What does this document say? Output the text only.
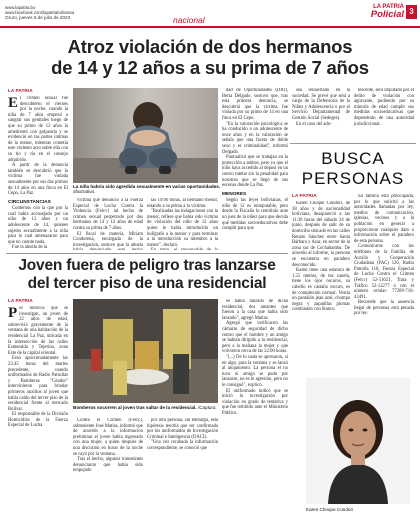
www.lapatria.bo
www.facebook.com/lapatriaboliviana
Oruro, jueves 6 de julio de 2023	nacional
LA PATRIA
Policial 3
Atroz violación de dos hermanos
de 14 y 12 años a su prima de 7 años
LA PATRIA

El crimen sexual fue descubierto el viernes por la noche, cuando la niña de 7 años empezó a sangrar sus genitales luego de que su primo de 12 años la amedrentó con golpearla y se evidenció en las partes íntimas de la menor, mientras cometía este violento acto sobre ella con su tío y tía en el consejo adquirido.

A partir de la denuncia también se descubrió que la víctima fue violada sexualmente por sus dos primos de 14 años en una finca en El Cepo, La Paz.

CIRCUNSTANCIAS

Contemos con la que por la cual había aconsejado por un niño de 12 años y un adolescente de 14, quienes sujetos sexualmente a la niña para lo cual amenazaron para que no cuente nada.

Fue la abuela de la

La niña habría sido agredida sexualmente en varias oportunidades. /Ilustrativa.

víctima que denunció a la Fuerza Especial de Lucha Contra la Violencia (Felcv) tal hecho de crimen sexual perpetrado por dos hermanos de 14 y 12 años de edad contra su prima de 7 años.

El fiscal de materia, Miriam Condorena, encargada de la investigación, sostuvo que la abuela

las 19:00 horas, al hermano menor, estando a su prima a la víctima.

"Realizadas las indagaciones con la menor, refiere que había sido víctima de violación del niño de 12 años quien le había introducido un bolígrafo a la menor y para terminar a la introducción su miembro a la menor", declaró.

dad de Oportunidades (DIO), Berta Delgado, sostuvo que, tras esta primera denuncia, se descubrió que la víctima fue violada por su primo de 14 en una finca en El Cepo.

"En la valoración psicológica se ha conducido a un adolescente de once años y en la valoración se señala que una faceta de doble sexo y es criminalidad", informó Delgado.

Puntualizó que se trabajan en la protección a ambos, pero ya que el niño haya accedido al deposi en un centro tutelar sin la penalidad para nosotros que se llegó de sus escenas donde La Paz.

MENORES

Según las leyes bolivianas, el niño de 12 es inimputable, pero desde la Fiscalía lo remitirán ante un juez de la niñez para que decida qué medidas socioeducativas debe cumplir para que

sea reinsertado en la sociedad. Se prevé que será a cargo de la Defensoría de la Niñez y Adolescencia o por el Servicio Departamental de Gestión Social (Sedeges).

En el caso del ado-

lescente, será imputado por el delito de violación con agravante, pudiendo por su minoría de edad cumplir sus medidas socioeducativas que dependerán de una autoridad jurisdiccional.

BUSCA
PERSONAS
LA PATRIA

Karen Choque Condori, de 38 años y de nacionalidad boliviana, desapareció a las 11:30 horas del sábado 24 de junio, después de salir de su domicilio ubicado en las calles Renato Sánchez entre Santa Bárbara y Azar, en sector de la zona sur de Cochabamba. De acuerdo al informe, la persona se encuentra en paradero desconocido.

Karen tiene una estatura de 1.55 metros, de tez canela, tiene los ojos oscuros, su cabello es castaño oscuro, es de complexión normal. Vestía un pantalón jean azul, chompa negra y zapatillas plomas combinado con blanco.

Su familia está preocupada, por lo que solicitó a las autoridades llamadas por ley, medios de comunicación, iglesias, vecinos y a la población en general a proporcionar cualquier dato o información sobre el paradero de esta persona.

Comunicarse con los teléfonos de la Familia de Auxilio y Cooperación Ciudadana (FAC) 120, Radio Patrulla 110, Fuerza Especial de Lucha Contra el Crimen (Felcc) 52-51621, Trata y Tráfico 52-12277 o con el número celular: 77289-716-43491.

Recuerde que la ausencia ilegal de personas está penada por ley.

Karen Choque Condori
Joven fuera de peligro tras lanzarse
del tercer piso de una residencial
LA PATRIA

Por motivos que se investigan, un joven de 22 años de edad, sobrevivió gravemente de la ventana de una habitación de la residencial La Paz, ubicada en la intersección de las calles Esmeralda y Tejerina, zona Este de la capital oriental.

Eran aproximadamente las 23:45 horas del martes precedente, cuando uniformados de Radio Patrullas y Bomberos "Cóndor" intervinieron para brindar primeros auxilios al joven que había caído del tercer piso de la residencial frente al mercado Bolívar.

El responsable de la División Homicidios de la Fuerza Especial de Lucha

Bomberos socorren al joven tras saltar de la residencial. /Captura.

Contra el Crimen (Felcc), subteniente José Matías, informó que de acuerdo a la información preliminar el joven había ingresado con una mujer, a quien después de una discusión en horas de la noche se cayó por la ventana.

Tras el hecho, algunos transeúntes denunciaron que había sido empujado

por otra persona, sin embargo, esta hipótesis tendría que ser confirmada por los uniformados de Investigación Criminal e Inteligencia (DACI).

"Una vez recabada la información correspondiente, se conoció que

se había lanzado de dicha residencial, dos amantes que fueron a la casa que había sido lanzado", agregó Matías.

Agregó que verificaron las cámaras de seguridad de dicho centro que el hombre y un amigo se habían dirigido a la residencial, pero a la mañana la mujer y que volvieron cerca de las 22:00 horas.

"(...) De lo nada se apresaron, si en algo, para la ventana y se lanzó al alojamiento. La persona el no tuvo ni amigo se pudo por lanzarse, no es le agresión, pero no le consiguó", explicó.

El uniformado indicó que se inició la investigación por violación en grado de tentativa y que fue remitido ante el Ministerio Público.
